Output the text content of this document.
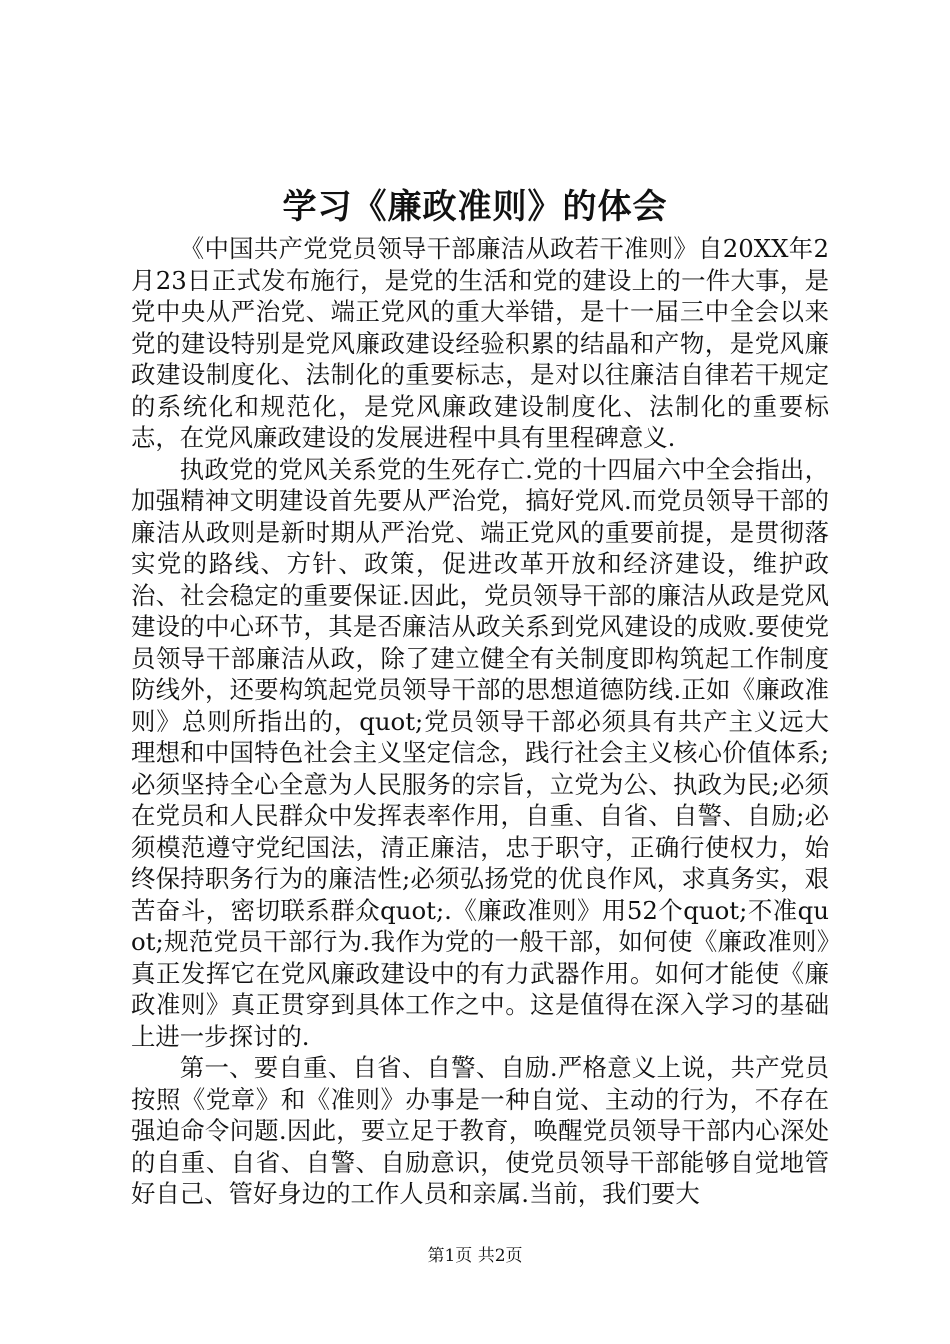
学习《廉政准则》的体会

《中国共产党党员领导干部廉洁从政若干准则》自20XX年2月23日正式发布施行，是党的生活和党的建设上的一件大事，是党中央从严治党、端正党风的重大举错，是十一届三中全会以来党的建设特别是党风廉政建设经验积累的结晶和产物，是党风廉政建设制度化、法制化的重要标志，是对以往廉洁自律若干规定的系统化和规范化，是党风廉政建设制度化、法制化的重要标志，在党风廉政建设的发展进程中具有里程碑意义.

执政党的党风关系党的生死存亡.党的十四届六中全会指出，加强精神文明建设首先要从严治党，搞好党风.而党员领导干部的廉洁从政则是新时期从严治党、端正党风的重要前提，是贯彻落实党的路线、方针、政策，促进改革开放和经济建设，维护政治、社会稳定的重要保证.因此，党员领导干部的廉洁从政是党风建设的中心环节，其是否廉洁从政关系到党风建设的成败.要使党员领导干部廉洁从政，除了建立健全有关制度即构筑起工作制度防线外，还要构筑起党员领导干部的思想道德防线.正如《廉政准则》总则所指出的，quot;党员领导干部必须具有共产主义远大理想和中国特色社会主义坚定信念，践行社会主义核心价值体系;必须坚持全心全意为人民服务的宗旨，立党为公、执政为民;必须在党员和人民群众中发挥表率作用，自重、自省、自警、自励;必须模范遵守党纪国法，清正廉洁，忠于职守，正确行使权力，始终保持职务行为的廉洁性;必须弘扬党的优良作风，求真务实，艰苦奋斗，密切联系群众quot;.《廉政准则》用52个quot;不准quot;规范党员干部行为.我作为党的一般干部，如何使《廉政准则》真正发挥它在党风廉政建设中的有力武器作用。如何才能使《廉政准则》真正贯穿到具体工作之中。这是值得在深入学习的基础上进一步探讨的.

第一、要自重、自省、自警、自励.严格意义上说，共产党员按照《党章》和《准则》办事是一种自觉、主动的行为，不存在强迫命令问题.因此，要立足于教育，唤醒党员领导干部内心深处的自重、自省、自警、自励意识，使党员领导干部能够自觉地管好自己、管好身边的工作人员和亲属.当前，我们要大

第1页 共2页
